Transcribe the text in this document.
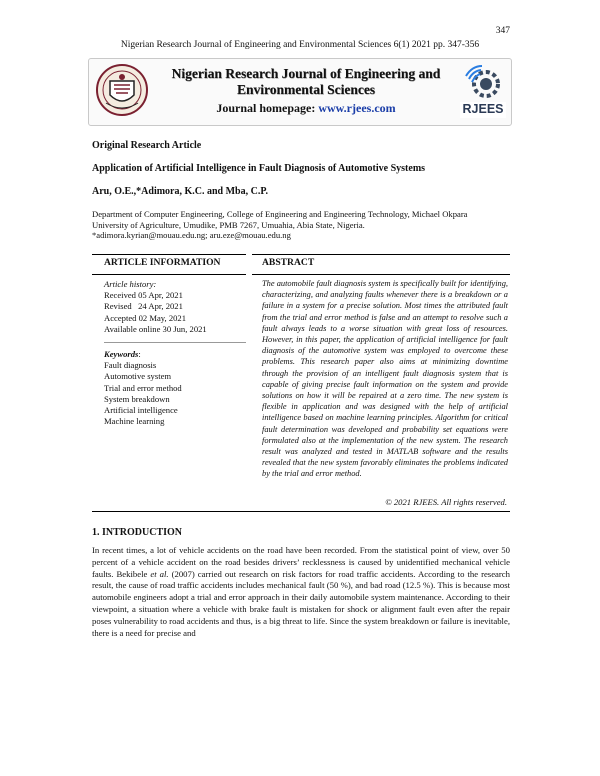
347
Nigerian Research Journal of Engineering and Environmental Sciences 6(1) 2021 pp. 347-356
RJEES
Nigerian Research Journal of Engineering and
Environmental Sciences
Journal homepage: www.rjees.com
Original Research Article
Application of Artificial Intelligence in Fault Diagnosis of Automotive Systems
Aru, O.E.,*Adimora, K.C. and Mba, C.P.
Department of Computer Engineering, College of Engineering and Engineering Technology, Michael Okpara
University of Agriculture, Umudike, PMB 7267, Umuahia, Abia State, Nigeria.
*adimora.kyrian@mouau.edu.ng; aru.eze@mouau.edu.ng
ARTICLE INFORMATION
Article history:
Received 05 Apr, 2021
Revised   24 Apr, 2021
Accepted 02 May, 2021
Available online 30 Jun, 2021
Keywords:
Fault diagnosis
Automotive system
Trial and error method
System breakdown
Artificial intelligence
Machine learning
ABSTRACT
The automobile fault diagnosis system is specifically built for identifying, characterizing, and analyzing faults whenever there is a breakdown or a failure in a system for a precise solution. Most times the attributed fault from the trial and error method is false and an attempt to resolve such a fault always leads to a worse situation with great loss of resources. However, in this paper, the application of artificial intelligence for fault diagnosis of the automotive system was employed to overcome these problems. This research paper also aims at minimizing downtime through the provision of an intelligent fault diagnosis system that is capable of giving precise fault information on the system and provide solutions on how it will be repaired at a zero time. The new system is flexible in application and was designed with the help of artificial intelligence based on machine learning principles. Algorithm for critical fault determination was developed and probability set equations were formulated also at the implementation of the new system. The research result was analyzed and tested in MATLAB software and the results revealed that the new system favorably eliminates the problems indicated by the trial and error method.
© 2021 RJEES. All rights reserved.
1. INTRODUCTION
In recent times, a lot of vehicle accidents on the road have been recorded. From the statistical point of view, over 50 percent of a vehicle accident on the road besides drivers’ recklessness is caused by unidentified mechanical vehicle faults. Bekibele et al. (2007) carried out research on risk factors for road traffic accidents. According to the research result, the cause of road traffic accidents includes mechanical fault (50 %), and bad road (12.5 %). This is because most automobile engineers adopt a trial and error approach in their daily automobile system maintenance. According to their viewpoint, a situation where a vehicle with brake fault is mistaken for shock or alignment fault even after the repair poses vulnerability to road accidents and thus, is a big threat to life. Since the system breakdown or failure is inevitable, there is a need for precise and
